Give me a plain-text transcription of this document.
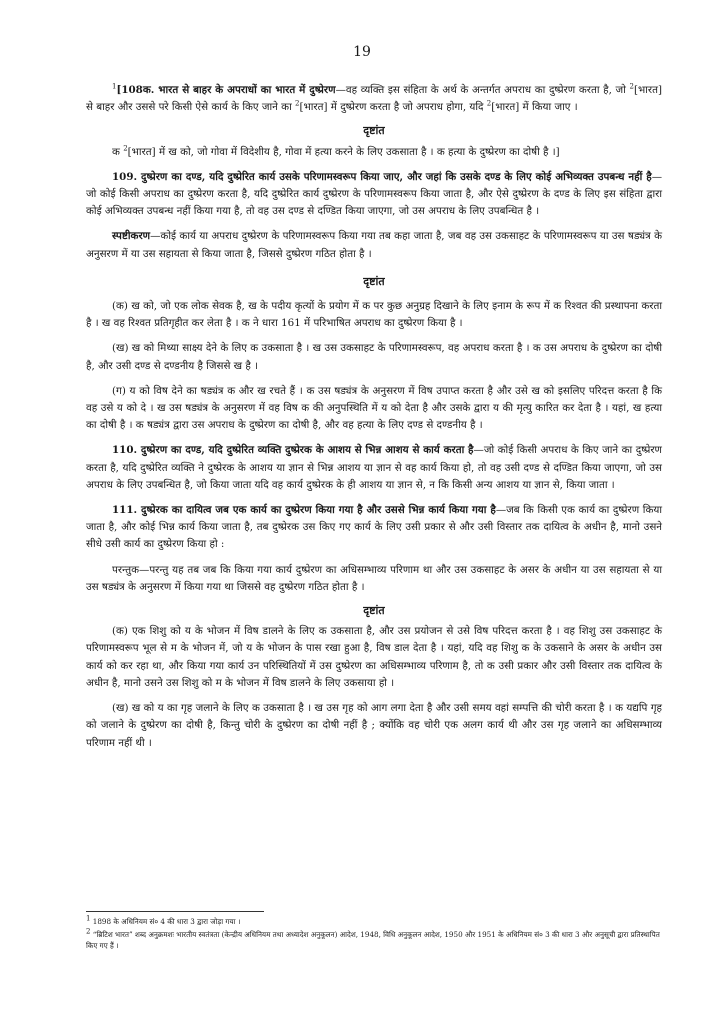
19

$^1$[108क. भारत से बाहर के अपराधों का भारत में दुष्प्रेरण—वह व्यक्ति इस संहिता के अर्थ के अन्तर्गत अपराध का दुष्प्रेरण करता है, जो $^2$[भारत] से बाहर और उससे परे किसी ऐसे कार्य के किए जाने का $^2$[भारत] में दुष्प्रेरण करता है जो अपराध होगा, यदि $^2$[भारत] में किया जाए ।

दृष्टांत

क $^2$[भारत] में ख को, जो गोवा में विदेशीय है, गोवा में हत्या करने के लिए उकसाता है । क हत्या के दुष्प्रेरण का दोषी है ।]

109. दुष्प्रेरण का दण्ड, यदि दुष्प्रेरित कार्य उसके परिणामस्वरूप किया जाए, और जहां कि उसके दण्ड के लिए कोई अभिव्यक्त उपबन्ध नहीं है—जो कोई किसी अपराध का दुष्प्रेरण करता है, यदि दुष्प्रेरित कार्य दुष्प्रेरण के परिणामस्वरूप किया जाता है, और ऐसे दुष्प्रेरण के दण्ड के लिए इस संहिता द्वारा कोई अभिव्यक्त उपबन्ध नहीं किया गया है, तो वह उस दण्ड से दण्डित किया जाएगा, जो उस अपराध के लिए उपबन्धित है ।

स्पष्टीकरण—कोई कार्य या अपराध दुष्प्रेरण के परिणामस्वरूप किया गया तब कहा जाता है, जब वह उस उकसाहट के परिणामस्वरूप या उस षड्यंत्र के अनुसरण में या उस सहायता से किया जाता है, जिससे दुष्प्रेरण गठित होता है ।

दृष्टांत

(क) ख को, जो एक लोक सेवक है, ख के पदीय कृत्यों के प्रयोग में क पर कुछ अनुग्रह दिखाने के लिए इनाम के रूप में क रिश्वत की प्रस्थापना करता है । ख वह रिश्वत प्रतिगृहीत कर लेता है । क ने धारा 161 में परिभाषित अपराध का दुष्प्रेरण किया है ।

(ख) ख को मिथ्या साक्ष्य देने के लिए क उकसाता है । ख उस उकसाहट के परिणामस्वरूप, वह अपराध करता है । क उस अपराध के दुष्प्रेरण का दोषी है, और उसी दण्ड से दण्डनीय है जिससे ख है ।

(ग) य को विष देने का षड्यंत्र क और ख रचते हैं । क उस षड्यंत्र के अनुसरण में विष उपाप्त करता है और उसे ख को इसलिए परिदत्त करता है कि वह उसे य को दे । ख उस षड्यंत्र के अनुसरण में वह विष क की अनुपस्थिति में य को देता है और उसके द्वारा य की मृत्यु कारित कर देता है । यहां, ख हत्या का दोषी है । क षड्यंत्र द्वारा उस अपराध के दुष्प्रेरण का दोषी है, और वह हत्या के लिए दण्ड से दण्डनीय है ।

110. दुष्प्रेरण का दण्ड, यदि दुष्प्रेरित व्यक्ति दुष्प्रेरक के आशय से भिन्न आशय से कार्य करता है—जो कोई किसी अपराध के किए जाने का दुष्प्रेरण करता है, यदि दुष्प्रेरित व्यक्ति ने दुष्प्रेरक के आशय या ज्ञान से भिन्न आशय या ज्ञान से वह कार्य किया हो, तो वह उसी दण्ड से दण्डित किया जाएगा, जो उस अपराध के लिए उपबन्धित है, जो किया जाता यदि वह कार्य दुष्प्रेरक के ही आशय या ज्ञान से, न कि किसी अन्य आशय या ज्ञान से, किया जाता ।

111. दुष्प्रेरक का दायित्व जब एक कार्य का दुष्प्रेरण किया गया है और उससे भिन्न कार्य किया गया है—जब कि किसी एक कार्य का दुष्प्रेरण किया जाता है, और कोई भिन्न कार्य किया जाता है, तब दुष्प्रेरक उस किए गए कार्य के लिए उसी प्रकार से और उसी विस्तार तक दायित्व के अधीन है, मानो उसने सीधे उसी कार्य का दुष्प्रेरण किया हो :

परन्तुक—परन्तु यह तब जब कि किया गया कार्य दुष्प्रेरण का अधिसम्भाव्य परिणाम था और उस उकसाहट के असर के अधीन या उस सहायता से या उस षड्यंत्र के अनुसरण में किया गया था जिससे वह दुष्प्रेरण गठित होता है ।

दृष्टांत

(क) एक शिशु को य के भोजन में विष डालने के लिए क उकसाता है, और उस प्रयोजन से उसे विष परिदत्त करता है । वह शिशु उस उकसाहट के परिणामस्वरूप भूल से म के भोजन में, जो य के भोजन के पास रखा हुआ है, विष डाल देता है । यहां, यदि वह शिशु क के उकसाने के असर के अधीन उस कार्य को कर रहा था, और किया गया कार्य उन परिस्थितियों में उस दुष्प्रेरण का अधिसम्भाव्य परिणाम है, तो क उसी प्रकार और उसी विस्तार तक दायित्व के अधीन है, मानो उसने उस शिशु को म के भोजन में विष डालने के लिए उकसाया हो ।

(ख) ख को य का गृह जलाने के लिए क उकसाता है । ख उस गृह को आग लगा देता है और उसी समय वहां सम्पत्ति की चोरी करता है । क यद्यपि गृह को जलाने के दुष्प्रेरण का दोषी है, किन्तु चोरी के दुष्प्रेरण का दोषी नहीं है ; क्योंकि वह चोरी एक अलग कार्य थी और उस गृह जलाने का अधिसम्भाव्य परिणाम नहीं थी ।

$^1$ 1898 के अधिनियम सं० 4 की धारा 3 द्वारा जोड़ा गया ।
$^2$ “ब्रिटिश भारत” शब्द अनुक्रमशः भारतीय स्वतंत्रता (केन्द्रीय अधिनियम तथा अध्यादेश अनुकूलन) आदेश, 1948, विधि अनुकूलन आदेश, 1950 और 1951 के अधिनियम सं० 3 की धारा 3 और अनुसूची द्वारा प्रतिस्थापित किए गए हैं ।
